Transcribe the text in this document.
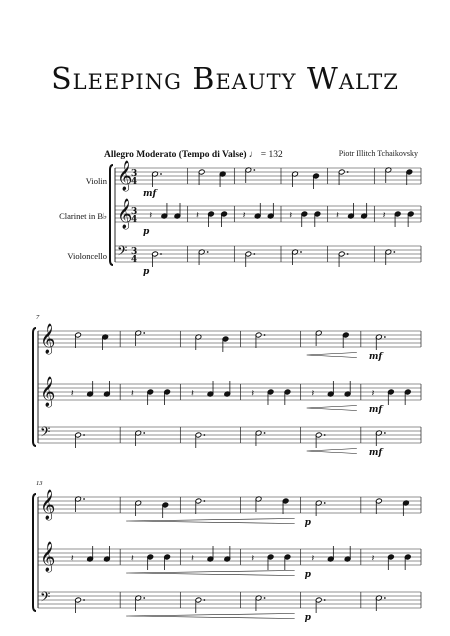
Sleeping Beauty Waltz
Piotr Illitch Tchaikovsky
Allegro Moderato (Tempo di Valse) ♩ = 132
Violin
Clarinet in B♭
Violoncello
7
13
𝄞
3
4
mf
𝄞
3
4 𝄽	𝄽	𝄽	𝄽	𝄽	𝄽
p
𝄢 3
4
p
𝄞
mf
𝄞 𝄽	𝄽	𝄽	𝄽	𝄽	𝄽
mf
𝄢
mf
𝄞
p
𝄞 𝄽	𝄽	𝄽	𝄽	𝄽	𝄽
p
𝄢
p
